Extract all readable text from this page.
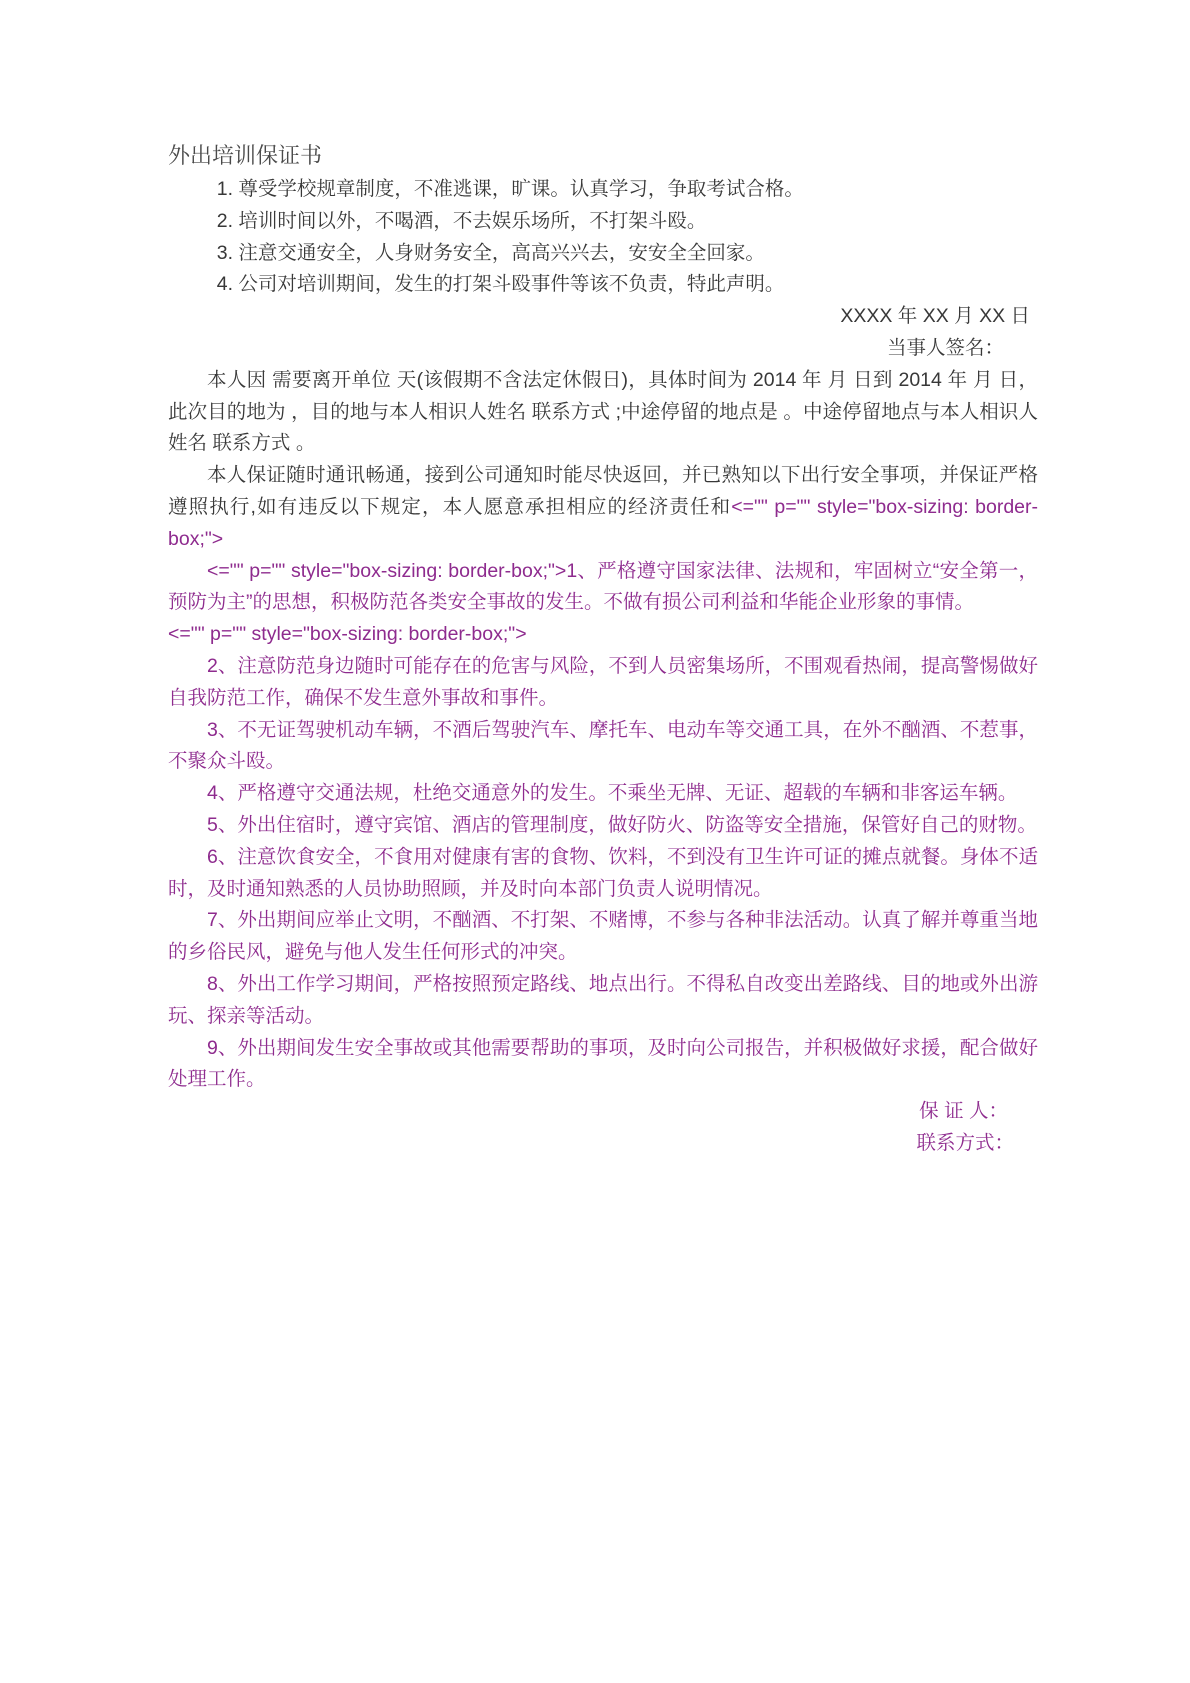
外出培训保证书

1. 尊受学校规章制度，不准逃课，旷课。认真学习，争取考试合格。

2. 培训时间以外，不喝酒，不去娱乐场所，不打架斗殴。

3. 注意交通安全，人身财务安全，高高兴兴去，安安全全回家。

4. 公司对培训期间，发生的打架斗殴事件等该不负责，特此声明。

XXXX 年 XX 月 XX 日

当事人签名：

本人因 需要离开单位 天(该假期不含法定休假日)，具体时间为 2014 年 月 日到 2014 年 月 日，此次目的地为 ，目的地与本人相识人姓名 联系方式 ;中途停留的地点是 。中途停留地点与本人相识人姓名 联系方式 。

本人保证随时通讯畅通，接到公司通知时能尽快返回，并已熟知以下出行安全事项，并保证严格遵照执行,如有违反以下规定，本人愿意承担相应的经济责任和<="" p="" style="box-sizing: border-box;">

<="" p="" style="box-sizing: border-box;">1、严格遵守国家法律、法规和，牢固树立“安全第一，预防为主”的思想，积极防范各类安全事故的发生。不做有损公司利益和华能企业形象的事情。

<="" p="" style="box-sizing: border-box;">

2、注意防范身边随时可能存在的危害与风险，不到人员密集场所，不围观看热闹，提高警惕做好自我防范工作，确保不发生意外事故和事件。

3、不无证驾驶机动车辆，不酒后驾驶汽车、摩托车、电动车等交通工具，在外不酗酒、不惹事，不聚众斗殴。

4、严格遵守交通法规，杜绝交通意外的发生。不乘坐无牌、无证、超载的车辆和非客运车辆。

5、外出住宿时，遵守宾馆、酒店的管理制度，做好防火、防盗等安全措施，保管好自己的财物。

6、注意饮食安全，不食用对健康有害的食物、饮料，不到没有卫生许可证的摊点就餐。身体不适时，及时通知熟悉的人员协助照顾，并及时向本部门负责人说明情况。

7、外出期间应举止文明，不酗酒、不打架、不赌博，不参与各种非法活动。认真了解并尊重当地的乡俗民风，避免与他人发生任何形式的冲突。

8、外出工作学习期间，严格按照预定路线、地点出行。不得私自改变出差路线、目的地或外出游玩、探亲等活动。

9、外出期间发生安全事故或其他需要帮助的事项，及时向公司报告，并积极做好求援，配合做好处理工作。

保 证 人：

联系方式：
